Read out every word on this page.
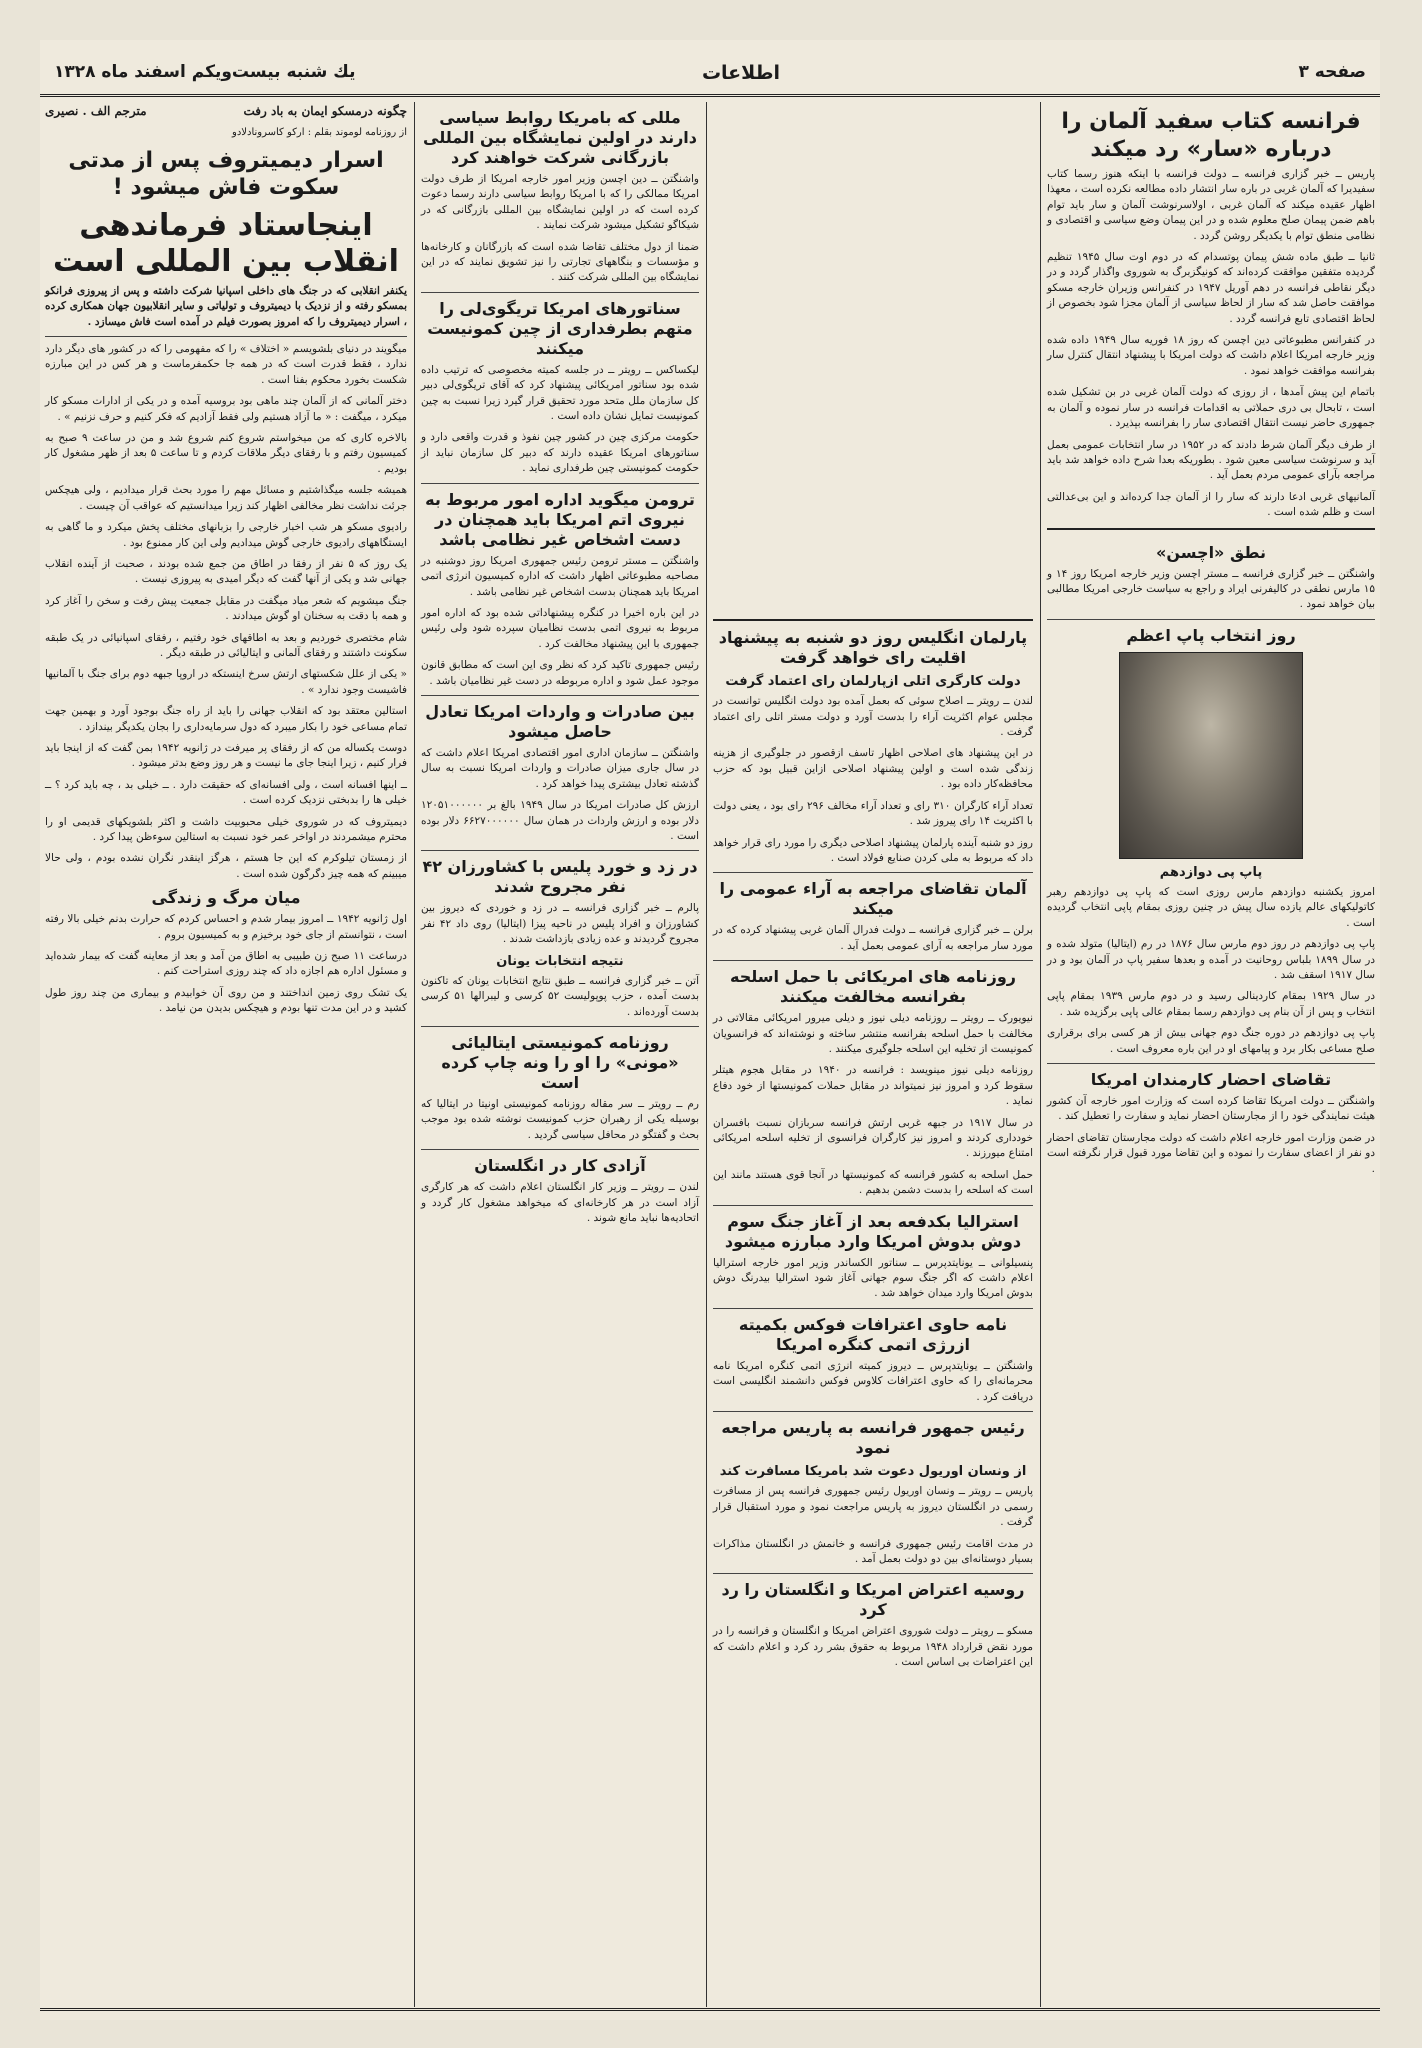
صفحه ۳
اطلاعات
يك شنبه بيست‌ويكم اسفند ماه ۱۳۲۸
فرانسه کتاب سفید آلمان را درباره‌ «سار» رد میکند

پاریس ــ خبر گزاری فرانسه ــ دولت فرانسه با اینکه هنوز رسما کتاب سفیدیرا که آلمان غربی در باره سار انتشار داده مطالعه نکرده است ، معهذا اظهار عقیده میکند که آلمان غربی ، اولاسرنوشت آلمان و سار باید توام باهم ضمن پیمان صلح معلوم شده و در این پیمان وضع سیاسی و اقتصادی و نظامی منطق توام با یکدیگر روشن گردد .

ثانیا ــ طبق ماده شش پیمان پوتسدام که در دوم اوت سال ۱۹۴۵ تنظیم گردیده متفقین موافقت کرده‌اند که کونیگزبرگ به شوروی واگذار گردد و در دیگر نقاطی فرانسه در دهم آوریل ۱۹۴۷ در کنفرانس وزیران خارجه مسکو موافقت حاصل شد که سار از لحاظ سیاسی از آلمان مجزا شود بخصوص از لحاظ اقتصادی تابع فرانسه گردد .

در کنفرانس مطبوعاتی دین اچسن که روز ۱۸ فوریه سال ۱۹۴۹ داده شده وزیر خارجه امریکا اعلام داشت که دولت امریکا با پیشنهاد انتقال کنترل سار بفرانسه موافقت خواهد نمود .

باتمام این پیش آمدها ، از روزی که دولت آلمان غربی در بن تشکیل شده است ، تابحال بی دری حملاتی به اقدامات فرانسه در سار نموده و آلمان به جمهوری حاضر نیست انتقال اقتصادی سار را بفرانسه بپذیرد .

از طرف دیگر آلمان شرط دادند که در ۱۹۵۲ در سار انتخابات عمومی بعمل آید و سرنوشت سیاسی معین شود . بطوریکه بعدا شرح داده خواهد شد باید مراجعه بآرای عمومی مردم بعمل آید .

آلمانیهای غربی ادعا دارند که سار را از آلمان جدا کرده‌اند و این بی‌عدالتی است و ظلم شده است .

نطق «اچسن»

واشنگتن ــ خبر گزاری فرانسه ــ مستر اچسن وزیر خارجه امریکا روز ۱۴ و ۱۵ مارس نطقی در کالیفرنی ایراد و راجع به سیاست خارجی امریکا مطالبی بیان خواهد نمود .

روز انتخاب پاپ اعظم
پاپ پی دوازدهم

امروز یکشنبه دوازدهم مارس روزی است که پاپ پی دوازدهم رهبر کاتولیکهای عالم یازده سال پیش در چنین روزی بمقام پاپی انتخاب گردیده است .

پاپ پی دوازدهم در روز دوم مارس سال ۱۸۷۶ در رم (ایتالیا) متولد شده و در سال ۱۸۹۹ بلباس روحانیت در آمده و بعدها سفیر پاپ در آلمان بود و در سال ۱۹۱۷ اسقف شد .

در سال ۱۹۲۹ بمقام کاردینالی رسید و در دوم مارس ۱۹۳۹ بمقام پاپی انتخاب و پس از آن بنام پی دوازدهم رسما بمقام عالی پاپی برگزیده شد .

پاپ پی دوازدهم در دوره جنگ دوم جهانی بیش از هر کسی برای برقراری صلح مساعی بکار برد و پیامهای او در این باره معروف است .

تقاضای احضار کارمندان امریکا

واشنگتن ــ دولت امریکا تقاضا کرده است که وزارت امور خارجه آن کشور هیئت نمایندگی خود را از مجارستان احضار نماید و سفارت را تعطیل کند .

در ضمن وزارت امور خارجه اعلام داشت که دولت مجارستان تقاضای احضار دو نفر از اعضای سفارت را نموده و این تقاضا مورد قبول قرار نگرفته است .

پارلمان انگلیس روز دو شنبه به پیشنهاد اقلیت رای خواهد گرفت
دولت کارگری اتلی ازپارلمان رای اعتماد گرفت

لندن ــ رویتر ــ اصلاح سوئی که بعمل آمده بود دولت انگلیس توانست در مجلس عوام اکثریت آراء را بدست آورد و دولت مستر اتلی رای اعتماد گرفت .

در این پیشنهاد های اصلاحی اظهار تاسف ازقصور در جلوگیری از هزینه زندگی شده است و اولین پیشنهاد اصلاحی ازاین قبیل بود که حزب محافظه‌کار داده بود .

تعداد آراء کارگران ۳۱۰ رای و تعداد آراء مخالف ۲۹۶ رای بود ، یعنی دولت با اکثریت ۱۴ رای پیروز شد .

روز دو شنبه آینده پارلمان پیشنهاد اصلاحی دیگری را مورد رای قرار خواهد داد که مربوط به ملی کردن صنایع فولاد است .

آلمان تقاضای مراجعه به آراء عمومی را میکند

برلن ــ خبر گزاری فرانسه ــ دولت فدرال آلمان غربی پیشنهاد کرده که در مورد سار مراجعه به آرای عمومی بعمل آید .

روزنامه های امریکائی با حمل اسلحه بفرانسه مخالفت میکنند

نیویورک ــ رویتر ــ روزنامه دیلی نیوز و دیلی میرور امریکائی مقالاتی در مخالفت با حمل اسلحه بفرانسه منتشر ساخته و نوشته‌اند که فرانسویان کمونیست از تخلیه این اسلحه جلوگیری میکنند .

روزنامه دیلی نیوز مینویسد : فرانسه در ۱۹۴۰ در مقابل هجوم هیتلر سقوط کرد و امروز نیز نمیتواند در مقابل حملات کمونیستها از خود دفاع نماید .

در سال ۱۹۱۷ در جبهه غربی ارتش فرانسه سربازان نسبت بافسران خودداری کردند و امروز نیز کارگران فرانسوی از تخلیه اسلحه امریکائی امتناع میورزند .

حمل اسلحه به کشور فرانسه که کمونیستها در آنجا قوی هستند مانند این است که اسلحه را بدست دشمن بدهیم .

استرالیا بکدفعه بعد از آغاز جنگ سوم دوش بدوش امریکا وارد مبارزه میشود

پنسیلوانی ــ یونایتدپرس ــ سناتور الکساندر وزیر امور خارجه استرالیا اعلام داشت که اگر جنگ سوم جهانی آغاز شود استرالیا بیدرنگ دوش بدوش امریکا وارد میدان خواهد شد .

نامه حاوی اعترافات فوکس بکمیته ازرژی اتمی کنگره امریکا

واشنگتن ــ یونایتدپرس ــ دیروز کمیته انرژی اتمی کنگره امریکا نامه محرمانه‌ای را که حاوی اعترافات کلاوس فوکس دانشمند انگلیسی است دریافت کرد .

رئیس جمهور فرانسه به پاریس مراجعه نمود
از ونسان اوریول دعوت شد بامریکا مسافرت کند

پاریس ــ رویتر ــ ونسان اوریول رئیس جمهوری فرانسه پس از مسافرت رسمی در انگلستان دیروز به پاریس مراجعت نمود و مورد استقبال قرار گرفت .

در مدت اقامت رئیس جمهوری فرانسه و خانمش در انگلستان مذاکرات بسیار دوستانه‌ای بین دو دولت بعمل آمد .

روسیه اعتراض امریکا و انگلستان را رد کرد

مسکو ــ رویتر ــ دولت شوروی اعتراض امریکا و انگلستان و فرانسه را در مورد نقض قرارداد ۱۹۴۸ مربوط به حقوق بشر رد کرد و اعلام داشت که این اعتراضات بی اساس است .

مللی که بامریکا روابط سیاسی دارند در اولین نمایشگاه بین المللی بازرگانی شرکت خواهند کرد

واشنگتن ــ دین اچسن وزیر امور خارجه امریکا از طرف دولت امریکا ممالکی را که با امریکا روابط سیاسی دارند رسما دعوت کرده است که در اولین نمایشگاه بین المللی بازرگانی که در شیکاگو تشکیل میشود شرکت نمایند .

ضمنا از دول مختلف تقاضا شده است که بازرگانان و کارخانه‌ها و مؤسسات و بنگاههای تجارتی را نیز تشویق نمایند که در این نمایشگاه بین المللی شرکت کنند .

سناتورهای امریکا تریگوی‌لی را متهم بطرفداری از چین کمونیست میکنند

لیکساکس ــ رویتر ــ در جلسه کمیته مخصوصی که ترتیب داده شده بود سناتور امریکائی پیشنهاد کرد که آقای تریگوی‌لی دبیر کل سازمان ملل متحد مورد تحقیق قرار گیرد زیرا نسبت به چین کمونیست تمایل نشان داده است .

حکومت مرکزی چین در کشور چین نفوذ و قدرت واقعی دارد و سناتورهای امریکا عقیده دارند که دبیر کل سازمان نباید از حکومت کمونیستی چین طرفداری نماید .

ترومن میگوید اداره امور مربوط به نیروی اتم امریکا باید همچنان در دست اشخاص غیر نظامی باشد

واشنگتن ــ مستر ترومن رئیس جمهوری امریکا روز دوشنبه در مصاحبه مطبوعاتی اظهار داشت که اداره کمیسیون انرژی اتمی امریکا باید همچنان بدست اشخاص غیر نظامی باشد .

در این باره اخیرا در کنگره پیشنهاداتی شده بود که اداره امور مربوط به نیروی اتمی بدست نظامیان سپرده شود ولی رئیس جمهوری با این پیشنهاد مخالفت کرد .

رئیس جمهوری تاکید کرد که نظر وی این است که مطابق قانون موجود عمل شود و اداره مربوطه در دست غیر نظامیان باشد .

بین صادرات و واردات امریکا تعادل حاصل میشود

واشنگتن ــ سازمان اداری امور اقتصادی امریکا اعلام داشت که در سال جاری میزان صادرات و واردات امریکا نسبت به سال گذشته تعادل بیشتری پیدا خواهد کرد .

ارزش کل صادرات امریکا در سال ۱۹۴۹ بالغ بر ۱۲۰۵۱۰۰۰۰۰۰ دلار بوده و ارزش واردات در همان سال ۶۶۲۷۰۰۰۰۰۰ دلار بوده است .

در زد و خورد پلیس با کشاورزان ۴۲ نفر مجروح شدند

پالرم ــ خبر گزاری فرانسه ــ در زد و خوردی که دیروز بین کشاورزان و افراد پلیس در ناحیه پیزا (ایتالیا) روی داد ۴۲ نفر مجروح گردیدند و عده زیادی بازداشت شدند .

نتیجه انتخابات یونان

آتن ــ خبر گزاری فرانسه ــ طبق نتایج انتخابات یونان که تاکنون بدست آمده ، حزب پوپولیست ۵۲ کرسی و لیبرالها ۵۱ کرسی بدست آورده‌اند .

روزنامه کمونیستی ایتالیائی «مونی» را او را ونه چاپ کرده است

رم ــ رویتر ــ سر مقاله روزنامه کمونیستی اونیتا در ایتالیا که بوسیله یکی از رهبران حزب کمونیست نوشته شده بود موجب بحث و گفتگو در محافل سیاسی گردید .

آزادی کار در انگلستان

لندن ــ رویتر ــ وزیر کار انگلستان اعلام داشت که هر کارگری آزاد است در هر کارخانه‌ای که میخواهد مشغول کار گردد و اتحادیه‌ها نباید مانع شوند .

چگونه درمسکو ایمان به باد رفت
مترجم الف . نصیری
از روزنامه لوموند بقلم : ارکو کاسرونادلادو
اسرار دیمیتروف پس از مدتی سکوت فاش میشود !
اینجاستاد فرماندهی انقلاب بین المللی است

یکنفر انقلابی که در جنگ های داخلی اسپانیا شرکت داشته و پس از پیروزی فرانکو بمسکو رفته و از نزدیک با دیمیتروف و تولیاتی و سایر انقلابیون جهان همکاری کرده ، اسرار دیمیتروف را که امروز بصورت فیلم در آمده است فاش میسازد .

میگویند در دنیای بلشویسم « اختلاف » را که مفهومی را که در کشور های دیگر دارد ندارد ، فقط قدرت است که در همه جا حکمفرماست و هر کس در این مبارزه شکست بخورد محکوم بفنا است .

دختر آلمانی که از آلمان چند ماهی بود بروسیه آمده و در یکی از ادارات مسکو کار میکرد ، میگفت : « ما آزاد هستیم ولی فقط آزادیم که فکر کنیم و حرف نزنیم » .

بالاخره کاری که من میخواستم شروع کنم شروع شد و من در ساعت ۹ صبح به کمیسیون رفتم و با رفقای دیگر ملاقات کردم و تا ساعت ۵ بعد از ظهر مشغول کار بودیم .

همیشه جلسه میگذاشتیم و مسائل مهم را مورد بحث قرار میدادیم ، ولی هیچکس جرئت نداشت نظر مخالفی اظهار کند زیرا میدانستیم که عواقب آن چیست .

رادیوی مسکو هر شب اخبار خارجی را بزبانهای مختلف پخش میکرد و ما گاهی به ایستگاههای رادیوی خارجی گوش میدادیم ولی این کار ممنوع بود .

یک روز که ۵ نفر از رفقا در اطاق من جمع شده بودند ، صحبت از آینده انقلاب جهانی شد و یکی از آنها گفت که دیگر امیدی به پیروزی نیست .

جنگ میشویم که شعر میاد میگفت در مقابل جمعیت پیش رفت و سخن را آغاز کرد و همه با دقت به سخنان او گوش میدادند .

شام مختصری خوردیم و بعد به اطاقهای خود رفتیم ، رفقای اسپانیائی در یک طبقه سکونت داشتند و رفقای آلمانی و ایتالیائی در طبقه دیگر .

« یکی از علل شکستهای ارتش سرخ اینستکه در اروپا جبهه دوم برای جنگ با آلمانیها فاشیست وجود ندارد » .

استالین معتقد بود که انقلاب جهانی را باید از راه جنگ بوجود آورد و بهمین جهت تمام مساعی خود را بکار میبرد که دول سرمایه‌داری را بجان یکدیگر بیندازد .

دوست یکساله من که از رفقای پر میرفت در ژانویه ۱۹۴۲ بمن گفت که از اینجا باید فرار کنیم ، زیرا اینجا جای ما نیست و هر روز وضع بدتر میشود .

ــ اینها افسانه است ، ولی افسانه‌ای که حقیقت دارد . ــ خیلی بد ، چه باید کرد ؟ ــ خیلی ها را بدبختی نزدیک کرده است .

دیمیتروف که در شوروی خیلی محبوبیت داشت و اکثر بلشویکهای قدیمی او را محترم میشمردند در اواخر عمر خود نسبت به استالین سوءظن پیدا کرد .

از زمستان تیلوکرم که این جا هستم ، هرگز اینقدر نگران نشده بودم ، ولی حالا میبینم که همه چیز دگرگون شده است .

میان مرگ و زندگی

اول ژانویه ۱۹۴۲ ــ امروز بیمار شدم و احساس کردم که حرارت بدنم خیلی بالا رفته است ، نتوانستم از جای خود برخیزم و به کمیسیون بروم .

درساعت ۱۱ صبح زن طبیبی به اطاق من آمد و بعد از معاینه گفت که بیمار شده‌اید و مسئول اداره هم اجازه داد که چند روزی استراحت کنم .

یک تشک روی زمین انداختند و من روی آن خوابیدم و بیماری من چند روز طول کشید و در این مدت تنها بودم و هیچکس بدیدن من نیامد .
